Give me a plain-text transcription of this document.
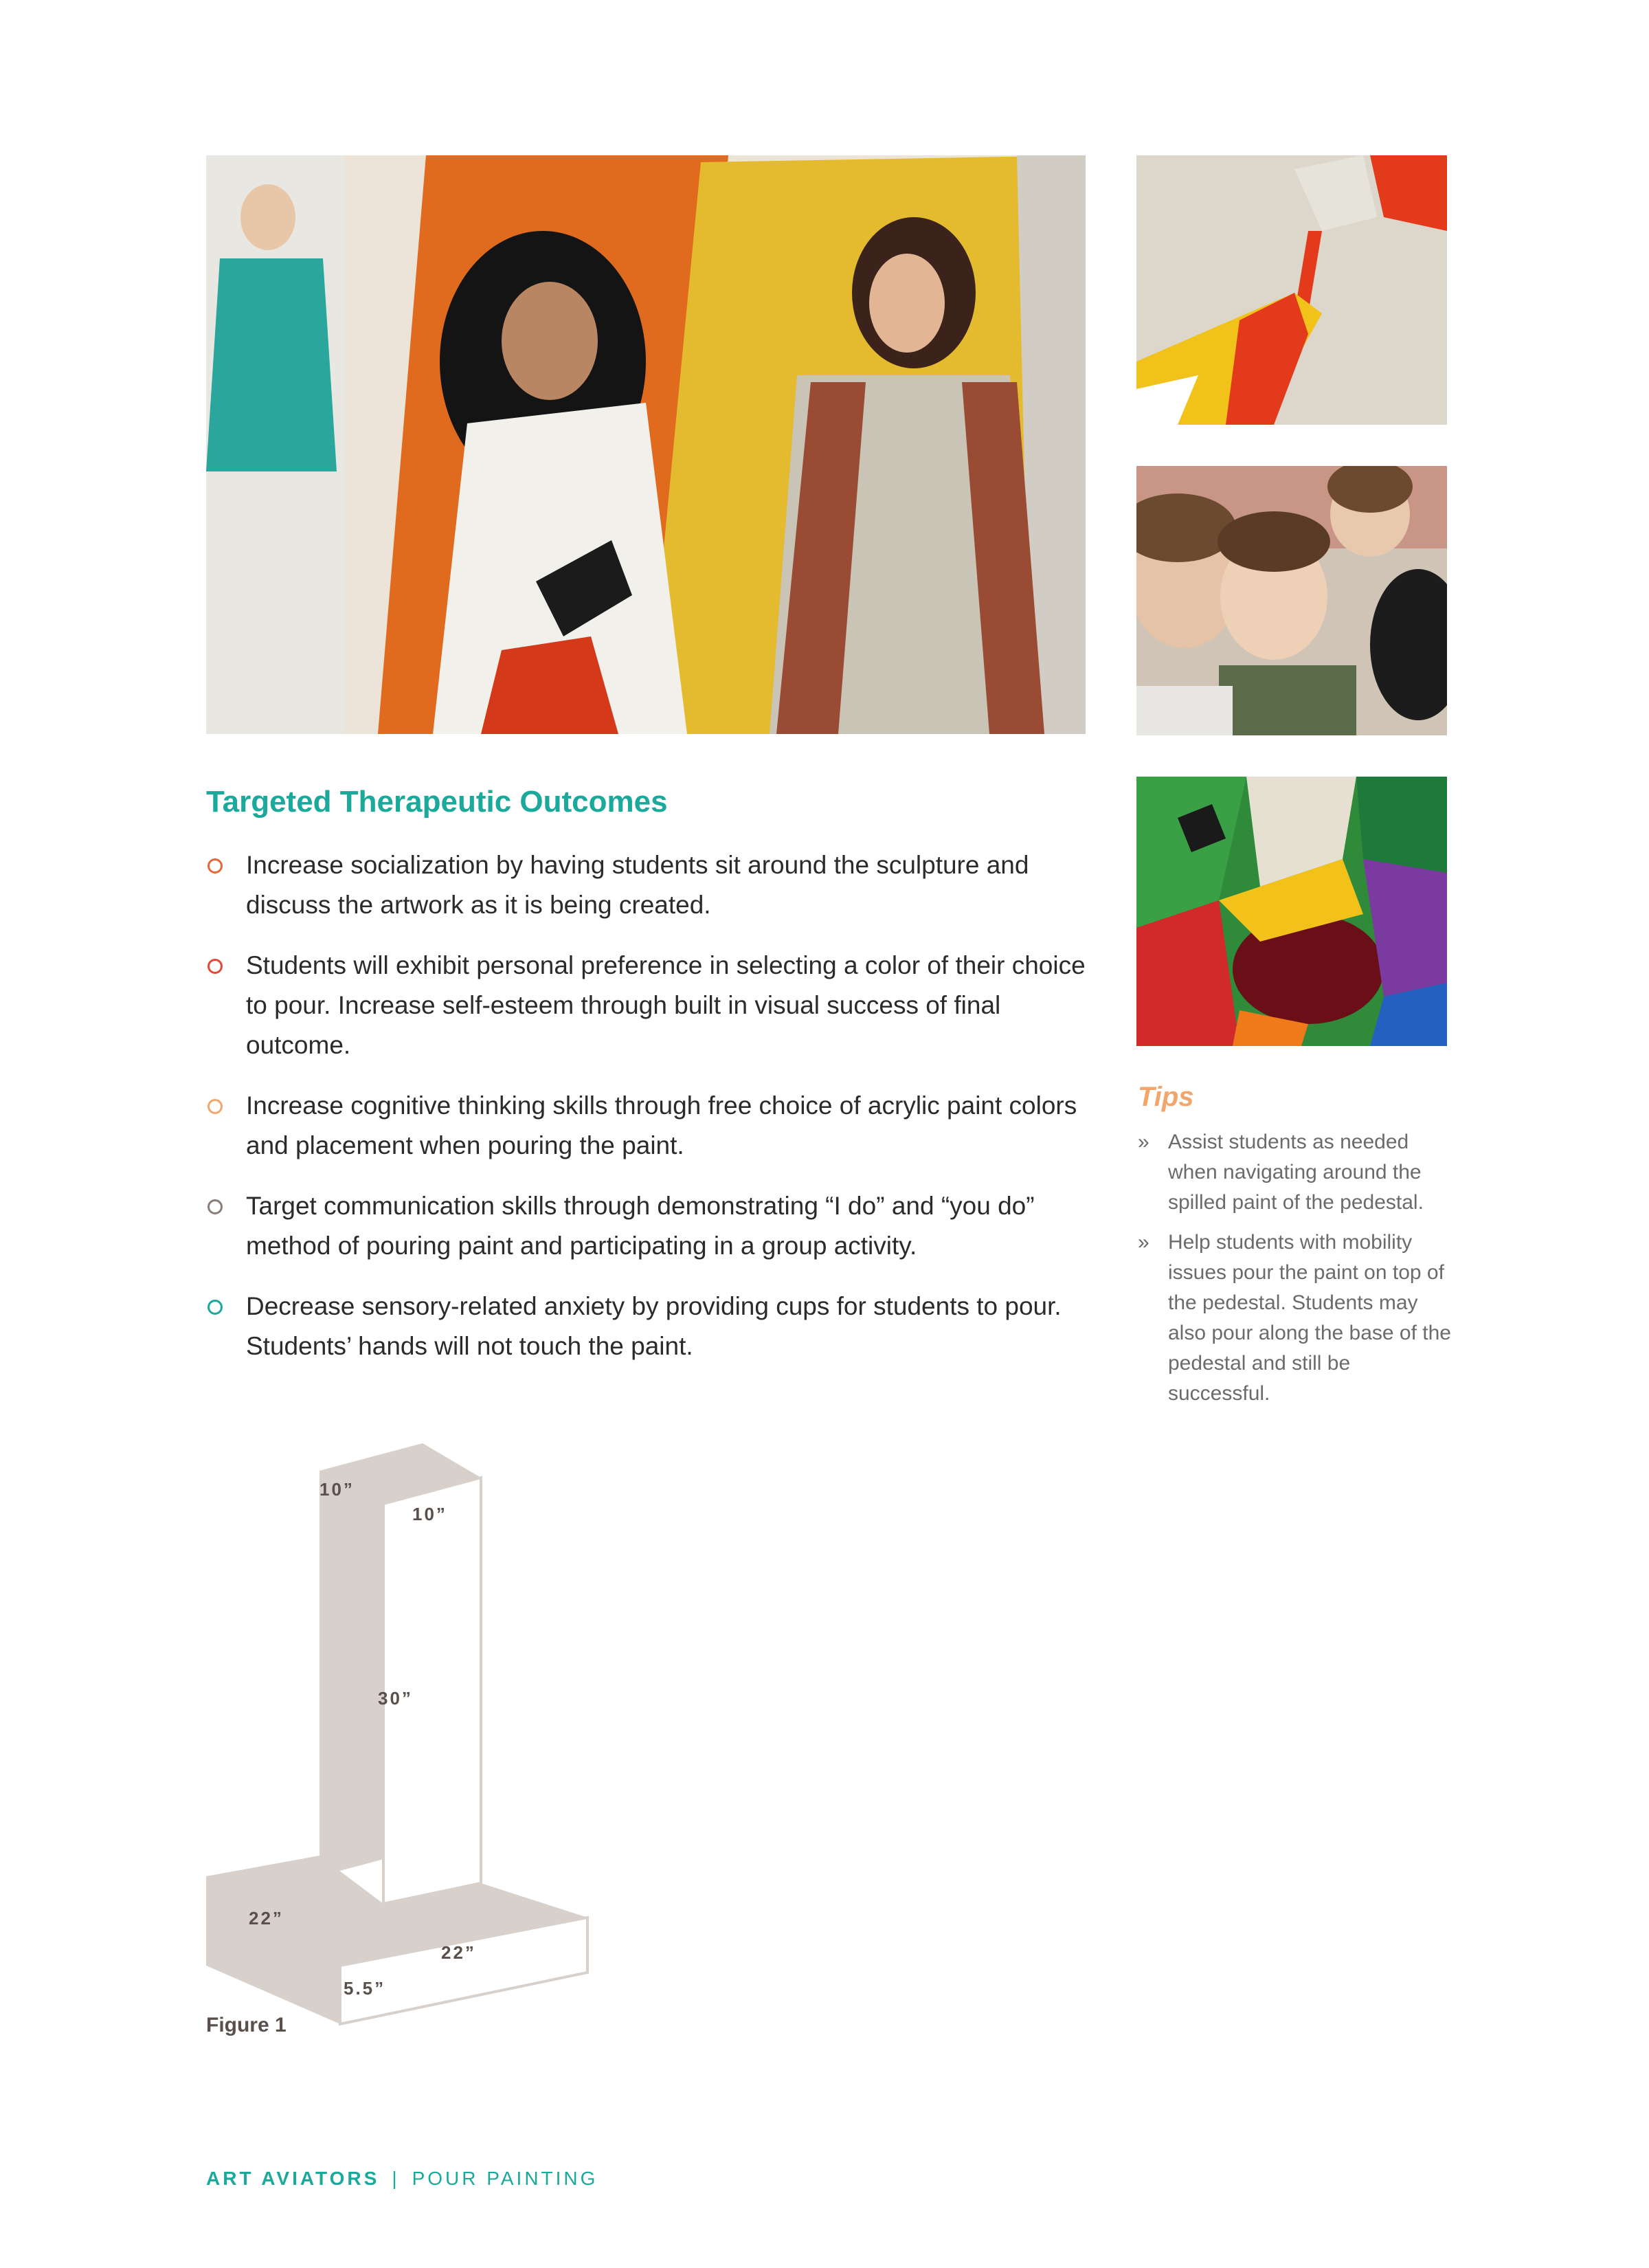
Targeted Therapeutic Outcomes
Increase socialization by having students sit around the sculpture and discuss the artwork as it is being created.
Students will exhibit personal preference in selecting a color of their choice to pour. Increase self-esteem through built in visual success of final outcome.
Increase cognitive thinking skills through free choice of acrylic paint colors and placement when pouring the paint.
Target communication skills through demonstrating “I do” and “you do” method of pouring paint and participating in a group activity.
Decrease sensory-related anxiety by providing cups for students to pour. Students’ hands will not touch the paint.
Tips
» Assist students as needed when navigating around the spilled paint of the pedestal.
» Help students with mobility issues pour the paint on top of the pedestal. Students may also pour along the base of the pedestal and still be successful.
10”
10”
30”
22”
22”
5.5”
Figure 1
ART AVIATORS | POUR PAINTING
